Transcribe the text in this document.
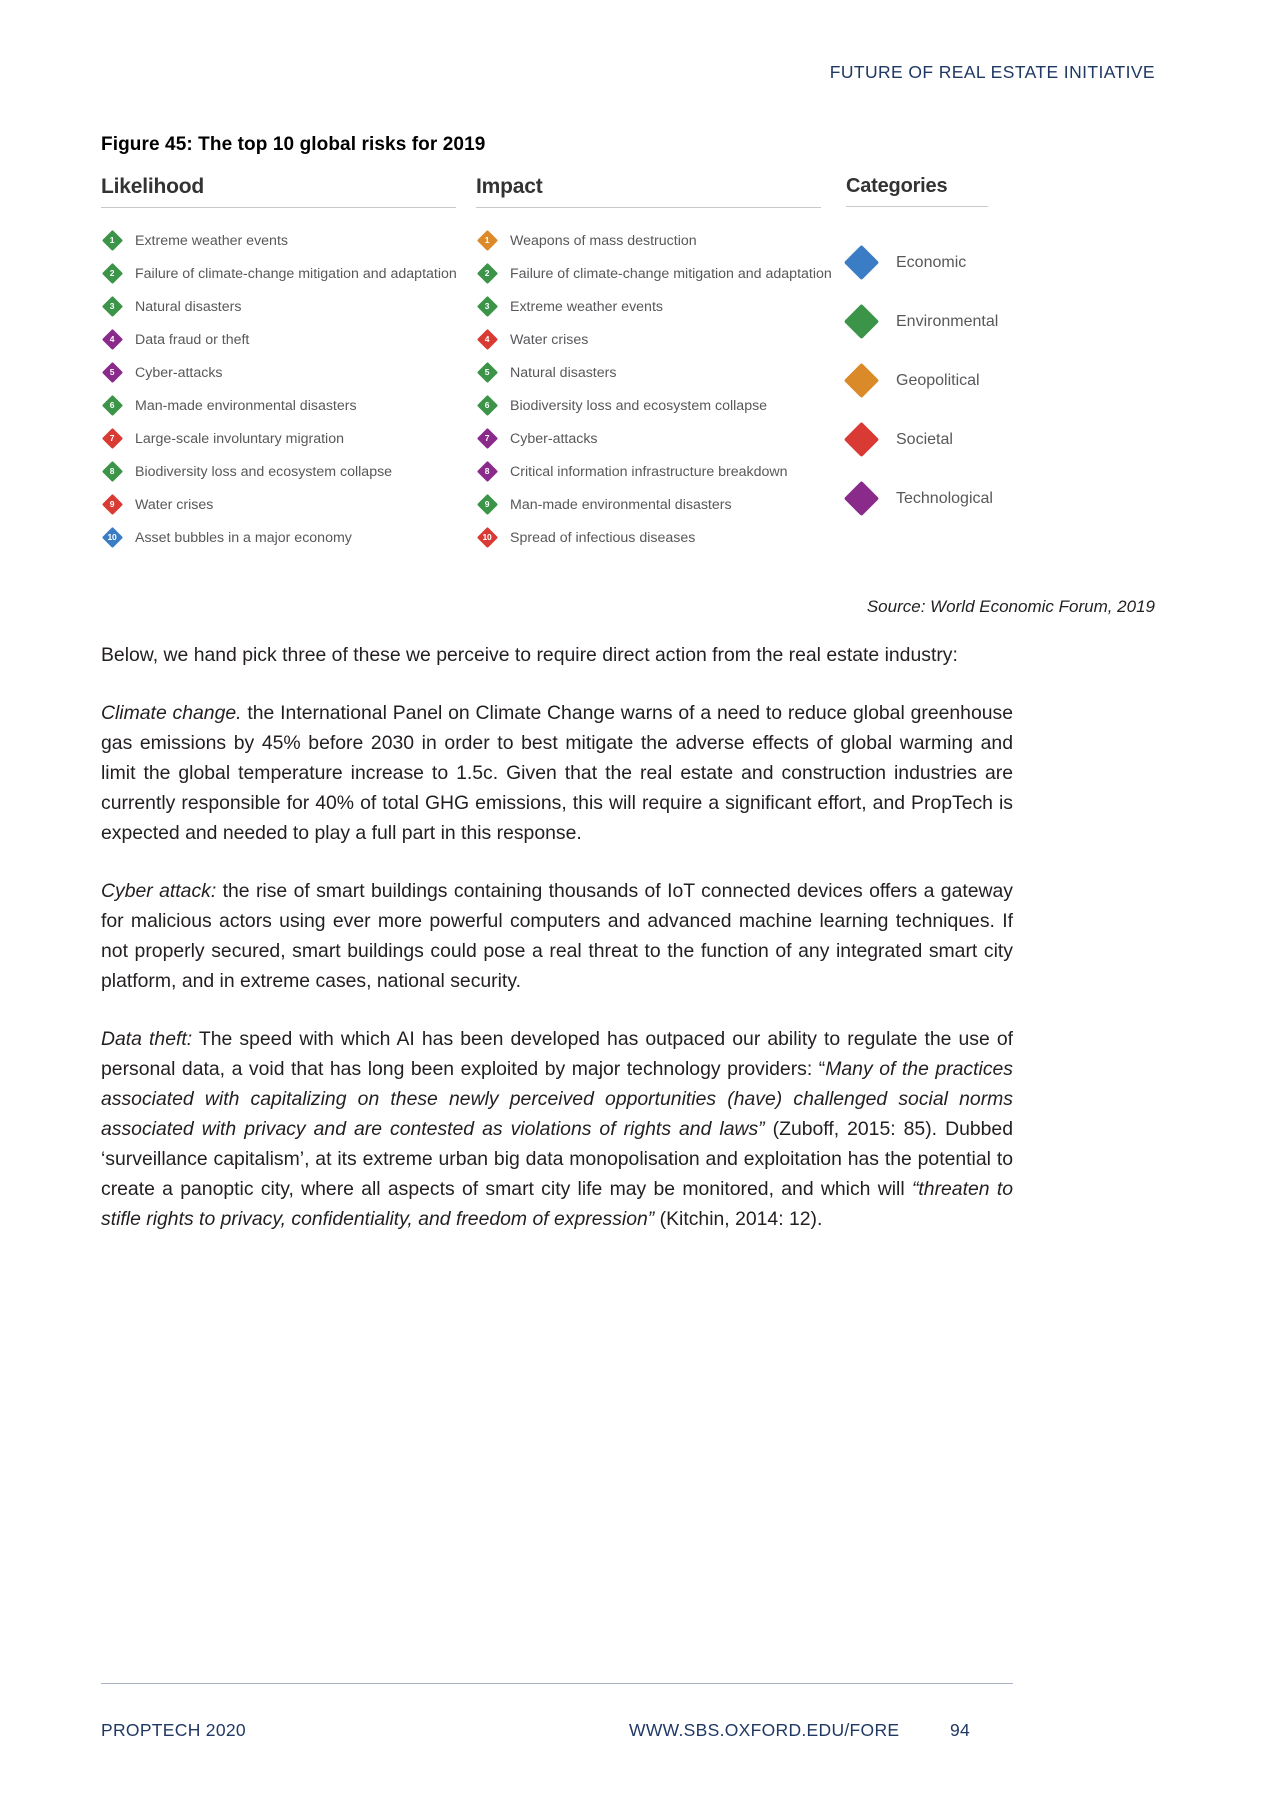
FUTURE OF REAL ESTATE INITIATIVE
Figure 45: The top 10 global risks for 2019
Likelihood
1	Extreme weather events
2	Failure of climate-change mitigation and adaptation
3	Natural disasters
4	Data fraud or theft
5	Cyber-attacks
6	Man-made environmental disasters
7	Large-scale involuntary migration
8	Biodiversity loss and ecosystem collapse
9	Water crises
10	Asset bubbles in a major economy
Impact
1	Weapons of mass destruction
2	Failure of climate-change mitigation and adaptation
3	Extreme weather events
4	Water crises
5	Natural disasters
6	Biodiversity loss and ecosystem collapse
7	Cyber-attacks
8	Critical information infrastructure breakdown
9	Man-made environmental disasters
10	Spread of infectious diseases
Categories
Economic
Environmental
Geopolitical
Societal
Technological
Source: World Economic Forum, 2019

Below, we hand pick three of these we perceive to require direct action from the real estate industry:

Climate change. the International Panel on Climate Change warns of a need to reduce global greenhouse gas emissions by 45% before 2030 in order to best mitigate the adverse effects of global warming and limit the global temperature increase to 1.5c. Given that the real estate and construction industries are currently responsible for 40% of total GHG emissions, this will require a significant effort, and PropTech is expected and needed to play a full part in this response.

Cyber attack: the rise of smart buildings containing thousands of IoT connected devices offers a gateway for malicious actors using ever more powerful computers and advanced machine learning techniques. If not properly secured, smart buildings could pose a real threat to the function of any integrated smart city platform, and in extreme cases, national security.

Data theft: The speed with which AI has been developed has outpaced our ability to regulate the use of personal data, a void that has long been exploited by major technology providers: “Many of the practices associated with capitalizing on these newly perceived opportunities (have) challenged social norms associated with privacy and are contested as violations of rights and laws” (Zuboff, 2015: 85). Dubbed ‘surveillance capitalism’, at its extreme urban big data monopolisation and exploitation has the potential to create a panoptic city, where all aspects of smart city life may be monitored, and which will “threaten to stifle rights to privacy, confidentiality, and freedom of expression” (Kitchin, 2014: 12).

PROPTECH 2020	WWW.SBS.OXFORD.EDU/FORE	94
